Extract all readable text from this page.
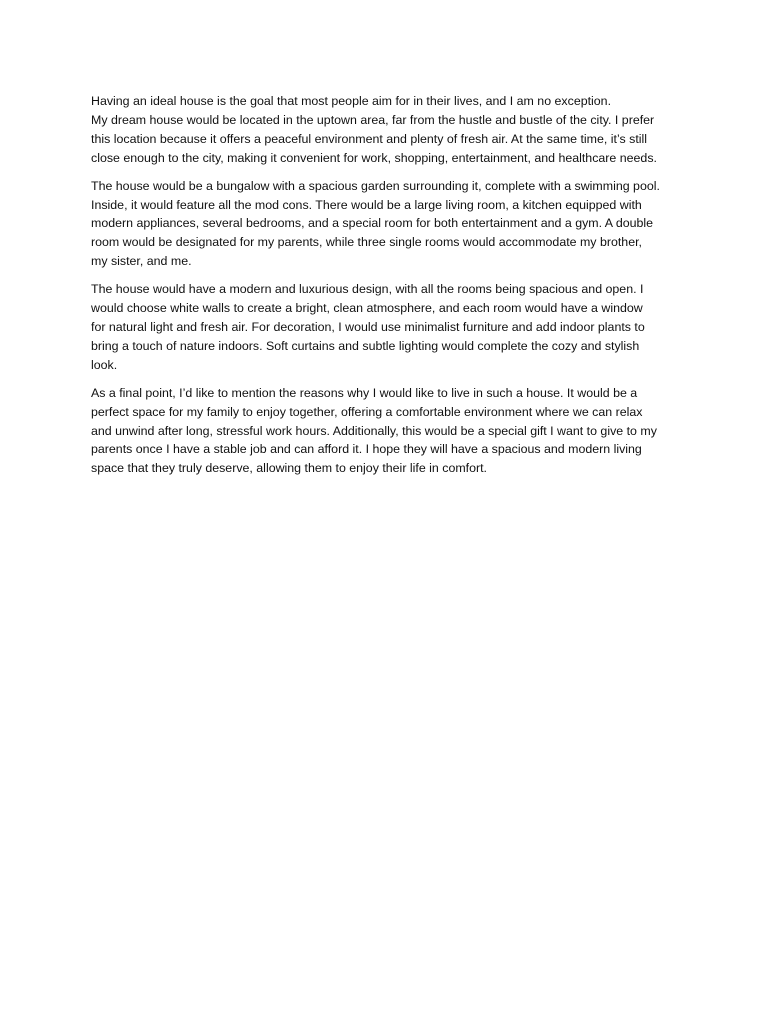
Having an ideal house is the goal that most people aim for in their lives, and I am no exception.
My dream house would be located in the uptown area, far from the hustle and bustle of the city. I prefer
this location because it offers a peaceful environment and plenty of fresh air. At the same time, it’s still
close enough to the city, making it convenient for work, shopping, entertainment, and healthcare needs.

The house would be a bungalow with a spacious garden surrounding it, complete with a swimming pool.
Inside, it would feature all the mod cons. There would be a large living room, a kitchen equipped with
modern appliances, several bedrooms, and a special room for both entertainment and a gym. A double
room would be designated for my parents, while three single rooms would accommodate my brother,
my sister, and me.

The house would have a modern and luxurious design, with all the rooms being spacious and open. I
would choose white walls to create a bright, clean atmosphere, and each room would have a window
for natural light and fresh air. For decoration, I would use minimalist furniture and add indoor plants to
bring a touch of nature indoors. Soft curtains and subtle lighting would complete the cozy and stylish
look.

As a final point, I’d like to mention the reasons why I would like to live in such a house. It would be a
perfect space for my family to enjoy together, offering a comfortable environment where we can relax
and unwind after long, stressful work hours. Additionally, this would be a special gift I want to give to my
parents once I have a stable job and can afford it. I hope they will have a spacious and modern living
space that they truly deserve, allowing them to enjoy their life in comfort.
